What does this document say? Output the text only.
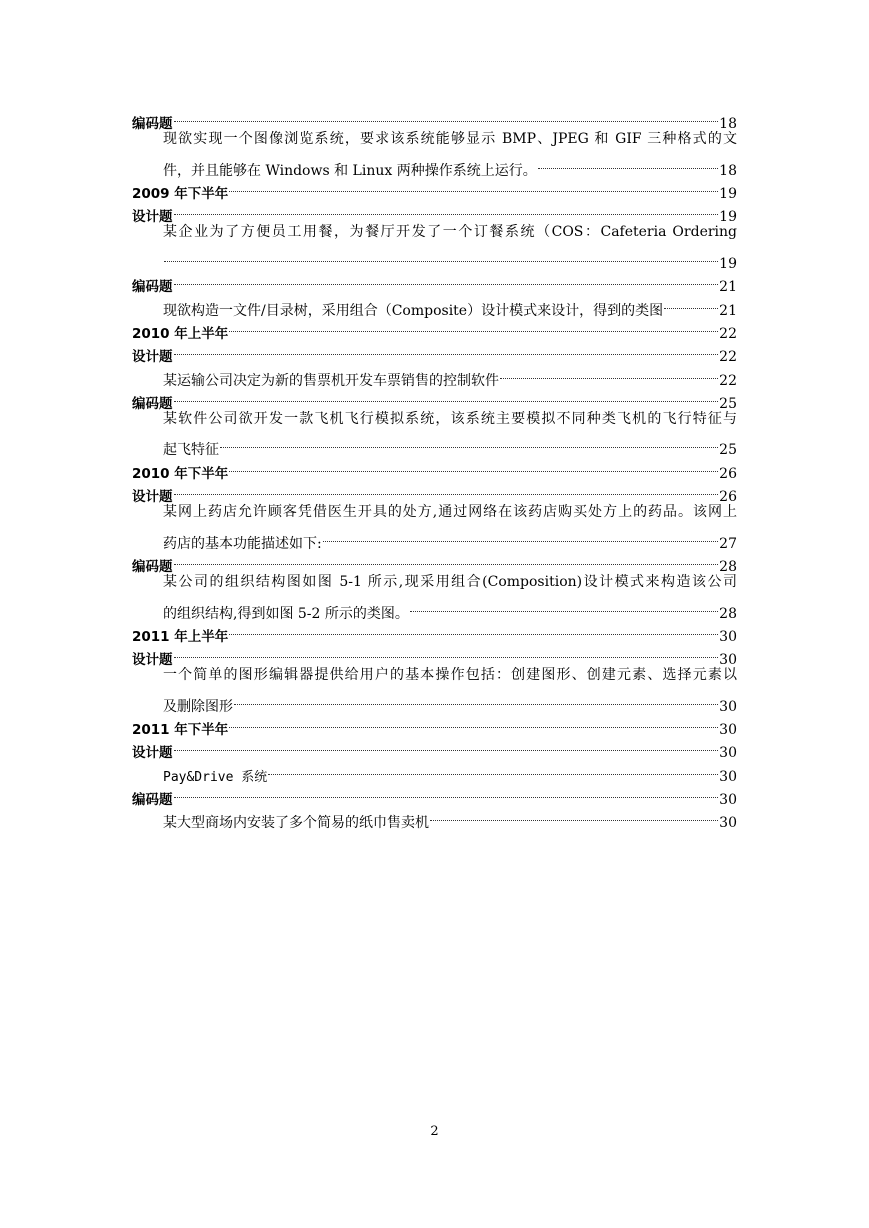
编码题	18
现欲实现一个图像浏览系统，要求该系统能够显示 BMP、JPEG 和 GIF 三种格式的文
件，并且能够在 Windows 和 Linux 两种操作系统上运行。	18
2009 年下半年	19
设计题	19
某企业为了方便员工用餐，为餐厅开发了一个订餐系统（COS：Cafeteria Ordering
19
编码题	21
现欲构造一文件/目录树，采用组合（Composite）设计模式来设计，得到的类图	21
2010 年上半年	22
设计题	22
某运输公司决定为新的售票机开发车票销售的控制软件	22
编码题	25
某软件公司欲开发一款飞机飞行模拟系统，该系统主要模拟不同种类飞机的飞行特征与
起飞特征	25
2010 年下半年	26
设计题	26
某网上药店允许顾客凭借医生开具的处方,通过网络在该药店购买处方上的药品。该网上
药店的基本功能描述如下:	27
编码题	28
某公司的组织结构图如图 5-1 所示,现采用组合(Composition)设计模式来构造该公司
的组织结构,得到如图 5-2 所示的类图。	28
2011 年上半年	30
设计题	30
一个简单的图形编辑器提供给用户的基本操作包括：创建图形、创建元素、选择元素以
及删除图形	30
2011 年下半年	30
设计题	30
Pay&Drive 系统	30
编码题	30
某大型商场内安装了多个简易的纸巾售卖机	30
2
